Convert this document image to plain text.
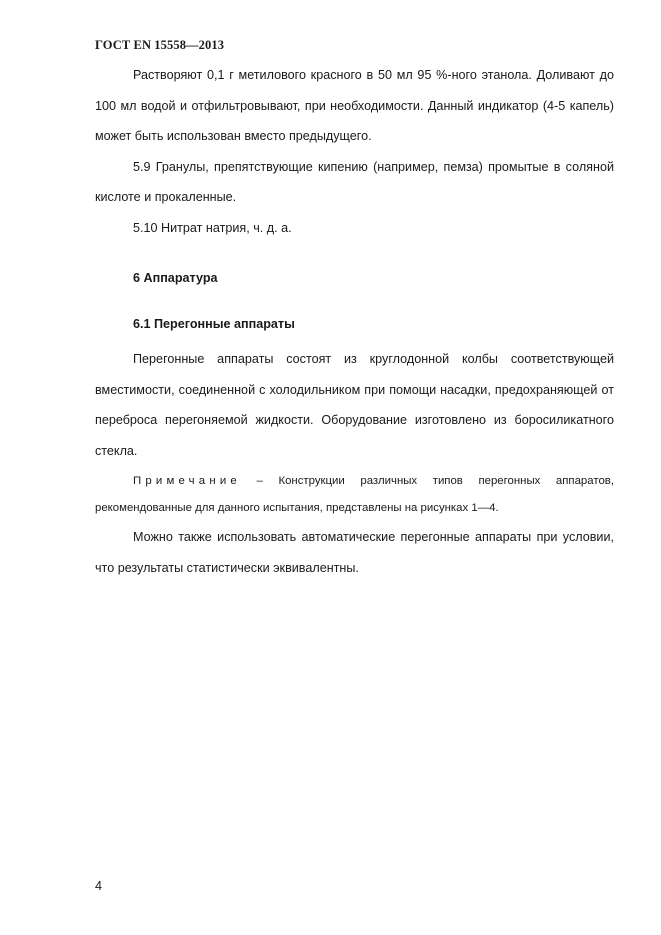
ГОСТ EN 15558—2013

Растворяют 0,1 г метилового красного в 50 мл 95 %-ного этанола. Доливают до 100 мл водой и отфильтровывают, при необходимости. Данный индикатор (4-5 капель) может быть использован вместо предыдущего.

5.9 Гранулы, препятствующие кипению (например, пемза) промытые в соляной кислоте и прокаленные.

5.10 Нитрат натрия, ч. д. а.

6 Аппаратура

6.1 Перегонные аппараты

Перегонные аппараты состоят из круглодонной колбы соответствующей вместимости, соединенной с холодильником при помощи насадки, предохраняющей от переброса перегоняемой жидкости. Оборудование изготовлено из боросиликатного стекла.

Примечание – Конструкции различных типов перегонных аппаратов, рекомендованные для данного испытания, представлены на рисунках 1—4.

Можно также использовать автоматические перегонные аппараты при условии, что результаты статистически эквивалентны.

4
